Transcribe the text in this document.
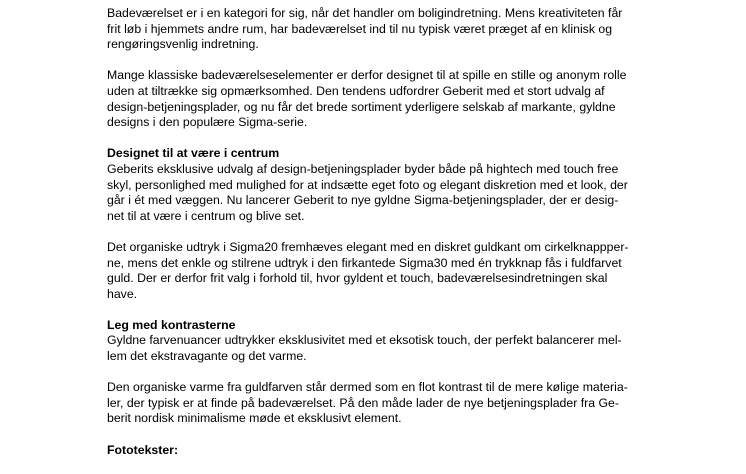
Badeværelset er i en kategori for sig, når det handler om boligindretning. Mens kreativiteten får
frit løb i hjemmets andre rum, har badeværelset ind til nu typisk været præget af en klinisk og
rengøringsvenlig indretning.

Mange klassiske badeværelseselementer er derfor designet til at spille en stille og anonym rolle
uden at tiltrække sig opmærksomhed. Den tendens udfordrer Geberit med et stort udvalg af
design-betjeningsplader, og nu får det brede sortiment yderligere selskab af markante, gyldne
designs i den populære Sigma-serie.

Designet til at være i centrum
Geberits eksklusive udvalg af design-betjeningsplader byder både på hightech med touch free
skyl, personlighed med mulighed for at indsætte eget foto og elegant diskretion med et look, der
går i ét med væggen. Nu lancerer Geberit to nye gyldne Sigma-betjeningsplader, der er desig-
net til at være i centrum og blive set.

Det organiske udtryk i Sigma20 fremhæves elegant med en diskret guldkant om cirkelknappper-
ne, mens det enkle og stilrene udtryk i den firkantede Sigma30 med én trykknap fås i fuldfarvet
guld. Der er derfor frit valg i forhold til, hvor gyldent et touch, badeværelsesindretningen skal
have.

Leg med kontrasterne
Gyldne farvenuancer udtrykker eksklusivitet med et eksotisk touch, der perfekt balancerer mel-
lem det ekstravagante og det varme.

Den organiske varme fra guldfarven står dermed som en flot kontrast til de mere kølige materia-
ler, der typisk er at finde på badeværelset. På den måde lader de nye betjeningsplader fra Ge-
berit nordisk minimalisme møde et eksklusivt element.

Fototekster:
